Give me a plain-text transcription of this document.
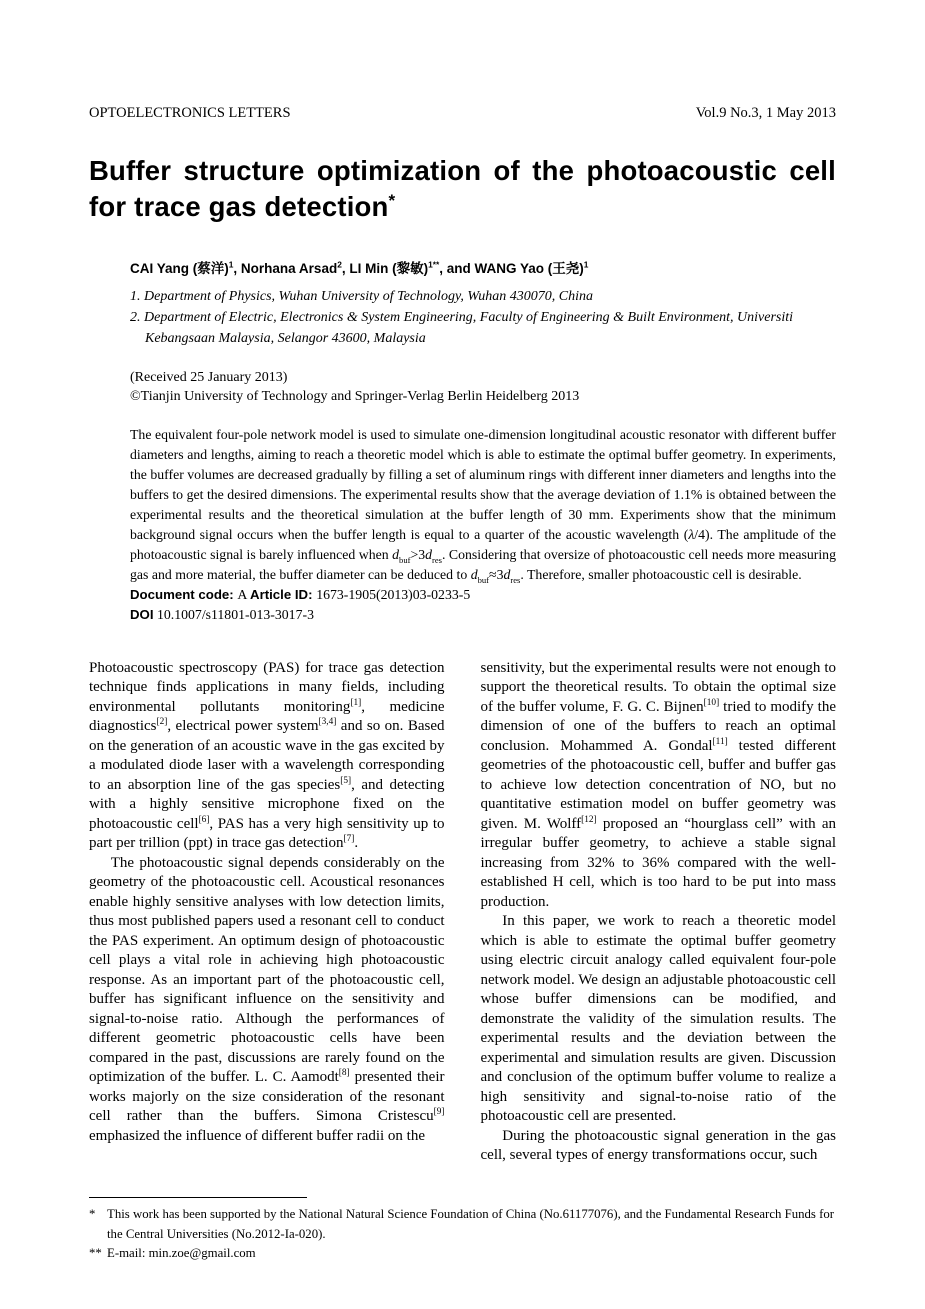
OPTOELECTRONICS LETTERS	Vol.9 No.3, 1 May 2013
Buffer structure optimization of the photoacoustic cell
for trace gas detection*
CAI Yang (蔡洋)$^1$, Norhana Arsad$^2$, LI Min (黎敏)$^{1**}$, and WANG Yao (王尧)$^1$

1. Department of Physics, Wuhan University of Technology, Wuhan 430070, China

2. Department of Electric, Electronics & System Engineering, Faculty of Engineering & Built Environment, Universiti Kebangsaan Malaysia, Selangor 43600, Malaysia

(Received 25 January 2013)
©Tianjin University of Technology and Springer-Verlag Berlin Heidelberg 2013
The equivalent four-pole network model is used to simulate one-dimension longitudinal acoustic resonator with different buffer diameters and lengths, aiming to reach a theoretic model which is able to estimate the optimal buffer geometry. In experiments, the buffer volumes are decreased gradually by filling a set of aluminum rings with different inner diameters and lengths into the buffers to get the desired dimensions. The experimental results show that the average deviation of 1.1% is obtained between the experimental results and the theoretical simulation at the buffer length of 30 mm. Experiments show that the minimum background signal occurs when the buffer length is equal to a quarter of the acoustic wavelength (λ/4). The amplitude of the photoacoustic signal is barely influenced when $d_{buf}>3d_{res}$. Considering that oversize of photoacoustic cell needs more measuring gas and more material, the buffer diameter can be deduced to $d_{buf}\approx 3d_{res}$. Therefore, smaller photoacoustic cell is desirable.

Document code: A Article ID: 1673-1905(2013)03-0233-5

DOI 10.1007/s11801-013-3017-3

Photoacoustic spectroscopy (PAS) for trace gas detection technique finds applications in many fields, including environmental pollutants monitoring[1], medicine diagnostics[2], electrical power system[3,4] and so on. Based on the generation of an acoustic wave in the gas excited by a modulated diode laser with a wavelength corresponding to an absorption line of the gas species[5], and detecting with a highly sensitive microphone fixed on the photoacoustic cell[6], PAS has a very high sensitivity up to part per trillion (ppt) in trace gas detection[7].

The photoacoustic signal depends considerably on the geometry of the photoacoustic cell. Acoustical resonances enable highly sensitive analyses with low detection limits, thus most published papers used a resonant cell to conduct the PAS experiment. An optimum design of photoacoustic cell plays a vital role in achieving high photoacoustic response. As an important part of the photoacoustic cell, buffer has significant influence on the sensitivity and signal-to-noise ratio. Although the performances of different geometric photoacoustic cells have been compared in the past, discussions are rarely found on the optimization of the buffer. L. C. Aamodt[8] presented their works majorly on the size consideration of the resonant cell rather than the buffers. Simona Cristescu[9] emphasized the influence of different buffer radii on the

sensitivity, but the experimental results were not enough to support the theoretical results. To obtain the optimal size of the buffer volume, F. G. C. Bijnen[10] tried to modify the dimension of one of the buffers to reach an optimal conclusion. Mohammed A. Gondal[11] tested different geometries of the photoacoustic cell, buffer and buffer gas to achieve low detection concentration of NO, but no quantitative estimation model on buffer geometry was given. M. Wolff[12] proposed an “hourglass cell” with an irregular buffer geometry, to achieve a stable signal increasing from 32% to 36% compared with the well-established H cell, which is too hard to be put into mass production.

In this paper, we work to reach a theoretic model which is able to estimate the optimal buffer geometry using electric circuit analogy called equivalent four-pole network model. We design an adjustable photoacoustic cell whose buffer dimensions can be modified, and demonstrate the validity of the simulation results. The experimental results and the deviation between the experimental and simulation results are given. Discussion and conclusion of the optimum buffer volume to realize a high sensitivity and signal-to-noise ratio of the photoacoustic cell are presented.

During the photoacoustic signal generation in the gas cell, several types of energy transformations occur, such

* This work has been supported by the National Natural Science Foundation of China (No.61177076), and the Fundamental Research Funds for the Central Universities (No.2012-Ia-020).

** E-mail: min.zoe@gmail.com
